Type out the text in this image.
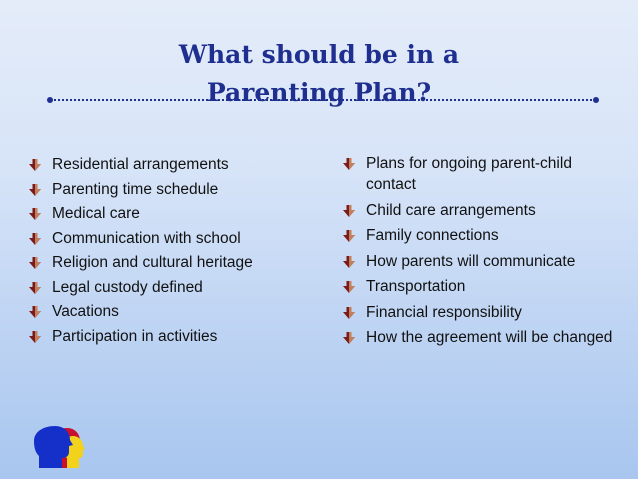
What should be in a
Parenting Plan?
Residential arrangements
Parenting time schedule
Medical care
Communication with school
Religion and cultural heritage
Legal custody defined
Vacations
Participation in activities
Plans for ongoing parent-child contact
Child care arrangements
Family connections
How parents will communicate
Transportation
Financial responsibility
How the agreement will be changed
